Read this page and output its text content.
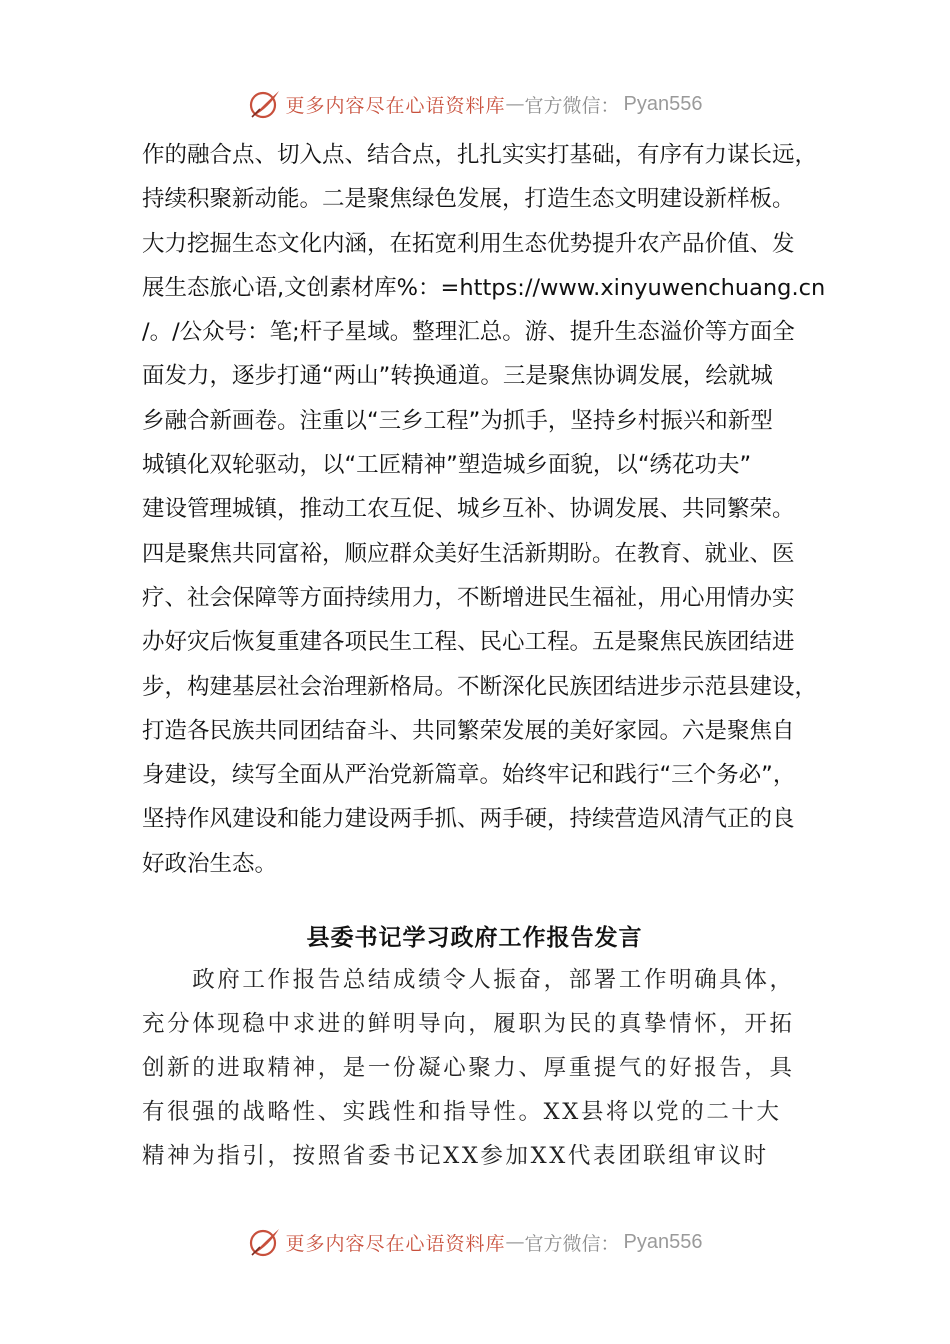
更多内容尽在心语资料库 — 官方微信： Pyan556
作的融合点、切入点、结合点，扎扎实实打基础，有序有力谋长远，
持续积聚新动能。二是聚焦绿色发展，打造生态文明建设新样板。
大力挖掘生态文化内涵，在拓宽利用生态优势提升农产品价值、发
展生态旅心语,文创素材库%：=https://www.xinyuwenchuang.cn
/。/公众号：笔;杆子星域。整理汇总。游、提升生态溢价等方面全
面发力，逐步打通“两山”转换通道。三是聚焦协调发展，绘就城
乡融合新画卷。注重以“三乡工程”为抓手，坚持乡村振兴和新型
城镇化双轮驱动，以“工匠精神”塑造城乡面貌，以“绣花功夫”
建设管理城镇，推动工农互促、城乡互补、协调发展、共同繁荣。
四是聚焦共同富裕，顺应群众美好生活新期盼。在教育、就业、医
疗、社会保障等方面持续用力，不断增进民生福祉，用心用情办实
办好灾后恢复重建各项民生工程、民心工程。五是聚焦民族团结进
步，构建基层社会治理新格局。不断深化民族团结进步示范县建设，
打造各民族共同团结奋斗、共同繁荣发展的美好家园。六是聚焦自
身建设，续写全面从严治党新篇章。始终牢记和践行“三个务必”，
坚持作风建设和能力建设两手抓、两手硬，持续营造风清气正的良
好政治生态。
县委书记学习政府工作报告发言
　　政府工作报告总结成绩令人振奋，部署工作明确具体，
充分体现稳中求进的鲜明导向，履职为民的真挚情怀，开拓
创新的进取精神，是一份凝心聚力、厚重提气的好报告，具
有很强的战略性、实践性和指导性。XX县将以党的二十大
精神为指引，按照省委书记XX参加XX代表团联组审议时
更多内容尽在心语资料库 — 官方微信： Pyan556
